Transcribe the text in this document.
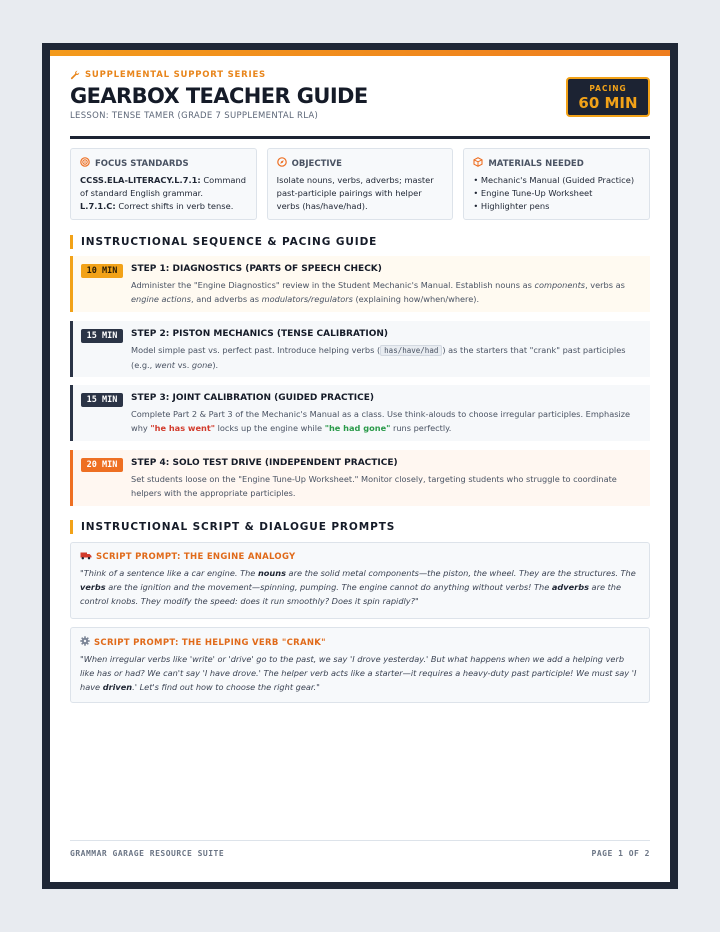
SUPPLEMENTAL SUPPORT SERIES
GEARBOX TEACHER GUIDE
LESSON: TENSE TAMER (GRADE 7 SUPPLEMENTAL RLA)
PACING
60 MIN
FOCUS STANDARDS
CCSS.ELA-LITERACY.L.7.1: Command of standard English grammar.
L.7.1.C: Correct shifts in verb tense.
OBJECTIVE
Isolate nouns, verbs, adverbs; master past-participle pairings with helper verbs (has/have/had).
MATERIALS NEEDED
• Mechanic's Manual (Guided Practice)
• Engine Tune-Up Worksheet
• Highlighter pens
INSTRUCTIONAL SEQUENCE & PACING GUIDE
10 MIN	STEP 1: DIAGNOSTICS (PARTS OF SPEECH CHECK)
Administer the "Engine Diagnostics" review in the Student Mechanic's Manual. Establish nouns as components, verbs as engine actions, and adverbs as modulators/regulators (explaining how/when/where).
15 MIN	STEP 2: PISTON MECHANICS (TENSE CALIBRATION)
Model simple past vs. perfect past. Introduce helping verbs ( has/have/had ) as the starters that "crank" past participles (e.g., went vs. gone).
15 MIN	STEP 3: JOINT CALIBRATION (GUIDED PRACTICE)
Complete Part 2 & Part 3 of the Mechanic's Manual as a class. Use think-alouds to choose irregular participles. Emphasize why "he has went" locks up the engine while "he had gone" runs perfectly.
20 MIN	STEP 4: SOLO TEST DRIVE (INDEPENDENT PRACTICE)
Set students loose on the "Engine Tune-Up Worksheet." Monitor closely, targeting students who struggle to coordinate helpers with the appropriate participles.
INSTRUCTIONAL SCRIPT & DIALOGUE PROMPTS
SCRIPT PROMPT: THE ENGINE ANALOGY
"Think of a sentence like a car engine. The nouns are the solid metal components—the piston, the wheel. They are the structures. The verbs are the ignition and the movement—spinning, pumping. The engine cannot do anything without verbs! The adverbs are the control knobs. They modify the speed: does it run smoothly? Does it spin rapidly?"
SCRIPT PROMPT: THE HELPING VERB "CRANK"
"When irregular verbs like 'write' or 'drive' go to the past, we say 'I drove yesterday.' But what happens when we add a helping verb like has or had? We can't say 'I have drove.' The helper verb acts like a starter—it requires a heavy-duty past participle! We must say 'I have driven.' Let's find out how to choose the right gear."
GRAMMAR GARAGE RESOURCE SUITE	PAGE 1 OF 2
